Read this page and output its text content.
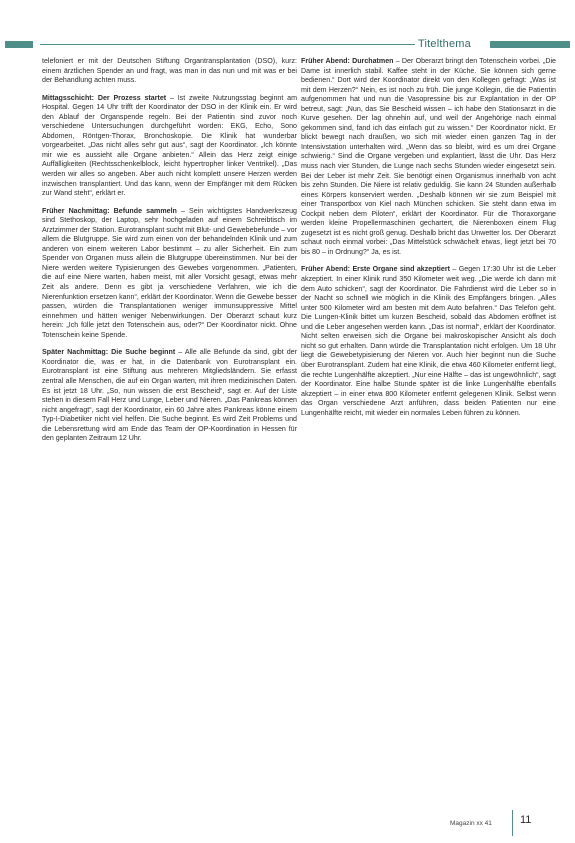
Titelthema

telefoniert er mit der Deutschen Stiftung Organtransplantation (DSO), kurz: einem ärztlichen Spender an und fragt, was man in das nun und mit was er bei der Behandlung achten muss.

Mittagsschicht: Der Prozess startet – Ist zweite Nutzungsstag beginnt am Hospital. Gegen 14 Uhr trifft der Koordinator der DSO in der Klinik ein. Er wird den Ablauf der Organspende regeln. Bei der Patientin sind zuvor noch verschiedene Untersuchungen durchgeführt worden: EKG, Echo, Sono Abdomen, Röntgen-Thorax, Bronchoskopie. Die Klinik hat wunderbar vorgearbeitet. „Das nicht alles sehr gut aus“, sagt der Koordinator. „Ich könnte mir wie es aussieht alle Organe anbieten.“ Allein das Herz zeigt einige Auffälligkeiten (Rechtsschenkelblock, leicht hypertropher linker Ventrikel). „Das werden wir alles so angeben. Aber auch nicht komplett unsere Herzen werden inzwischen transplantiert. Und das kann, wenn der Empfänger mit dem Rücken zur Wand steht“, erklärt er.

Früher Nachmittag: Befunde sammeln – Sein wichtigstes Handwerkszeug sind Stethoskop, der Laptop, sehr hochgeladen auf einem Schreibtisch im Arztzimmer der Station. Eurotransplant sucht mit Blut- und Gewebebefunde – vor allem die Blutgruppe. Sie wird zum einen von der behandelnden Klinik und zum anderen von einem weiteren Labor bestimmt – zu aller Sicherheit. Ein zum Spender von Organen muss allein die Blutgruppe übereinstimmen. Nur bei der Niere werden weitere Typisierungen des Gewebes vorgenommen. „Patienten, die auf eine Niere warten, haben meist, mit aller Vorsicht gesagt, etwas mehr Zeit als andere. Denn es gibt ja verschiedene Verfahren, wie ich die Nierenfunktion ersetzen kann“, erklärt der Koordinator. Wenn die Gewebe besser passen, würden die Transplantationen weniger immunsuppressive Mittel einnehmen und hätten weniger Nebenwirkungen. Der Oberarzt schaut kurz herein: „Ich fülle jetzt den Totenschein aus, oder?“ Der Koordinator nickt. Ohne Totenschein keine Spende.

Später Nachmittag: Die Suche beginnt – Alle alle Befunde da sind, gibt der Koordinator die, was er hat, in die Datenbank von Eurotransplant ein. Eurotransplant ist eine Stiftung aus mehreren Mitgliedsländern. Sie erfasst zentral alle Menschen, die auf ein Organ warten, mit ihren medizinischen Daten. Es ist jetzt 18 Uhr. „So, nun wissen die erst Bescheid“, sagt er. Auf der Liste stehen in diesem Fall Herz und Lunge, Leber und Nieren. „Das Pankreas können nicht angefragt“, sagt der Koordinator, ein 60 Jahre altes Pankreas könne einem Typ-I-Diabetiker nicht viel helfen. Die Suche beginnt. Es wird Zeit Problems und die Lebensrettung wird am Ende das Team der OP-Koordination in Hessen für den geplanten Zeitraum 12 Uhr.

Früher Abend: Durchatmen – Der Oberarzt bringt den Totenschein vorbei. „Die Dame ist innerlich stabil. Kaffee steht in der Küche. Sie können sich gerne bedienen.“ Dort wird der Koordinator direkt von den Kollegen gefragt: „Was ist mit dem Herzen?“ Nein, es ist noch zu früh. Die junge Kollegin, die die Patientin aufgenommen hat und nun die Vasopressine bis zur Explantation in der OP betreut, sagt: „Nun, das Sie Bescheid wissen – ich habe den Stationsarzt in die Kurve gesehen. Der lag ohnehin auf, und weil der Angehörige nach einmal gekommen sind, fand ich das einfach gut zu wissen.“ Der Koordinator nickt. Er blickt bewegt nach draußen, wo sich mit wieder einen ganzen Tag in der Intensivstation unterhalten wird. „Wenn das so bleibt, wird es um drei Organe schwierig.“ Sind die Organe vergeben und explantiert, lässt die Uhr. Das Herz muss nach vier Stunden, die Lunge nach sechs Stunden wieder eingesetzt sein. Bei der Leber ist mehr Zeit. Sie benötigt einen Organismus innerhalb von acht bis zehn Stunden. Die Niere ist relativ geduldig. Sie kann 24 Stunden außerhalb eines Körpers konserviert werden. „Deshalb können wir sie zum Beispiel mit einer Transportbox von Kiel nach München schicken. Sie steht dann etwa im Cockpit neben dem Piloten“, erklärt der Koordinator. Für die Thoraxorgane werden kleine Propellermaschinen gechartert, die Nierenboxen einem Flug zugesetzt ist es nicht groß genug. Deshalb bricht das Unwetter los. Der Oberarzt schaut noch einmal vorbei: „Das Mittelstück schwächelt etwas, liegt jetzt bei 70 bis 80 – in Ordnung?“ Ja, es ist.

Früher Abend: Erste Organe sind akzeptiert – Gegen 17:30 Uhr ist die Leber akzeptiert. In einer Klinik rund 350 Kilometer weit weg. „Die werde ich dann mit dem Auto schicken“, sagt der Koordinator. Die Fahrdienst wird die Leber so in der Nacht so schnell wie möglich in die Klinik des Empfängers bringen. „Alles unter 500 Kilometer wird am besten mit dem Auto befahren.“ Das Telefon geht. Die Lungen-Klinik bittet um kurzen Bescheid, sobald das Abdomen eröffnet ist und die Leber angesehen werden kann. „Das ist normal“, erklärt der Koordinator. Nicht selten erweisen sich die Organe bei makroskopischer Ansicht als doch nicht so gut erhalten. Dann würde die Transplantation nicht erfolgen. Um 18 Uhr liegt die Gewebetypisierung der Nieren vor. Auch hier beginnt nun die Suche über Eurotransplant. Zudem hat eine Klinik, die etwa 460 Kilometer entfernt liegt, die rechte Lungenhälfte akzeptiert. „Nur eine Hälfte – das ist ungewöhnlich“, sagt der Koordinator. Eine halbe Stunde später ist die linke Lungenhälfte ebenfalls akzeptiert – in einer etwa 800 Kilometer entfernt gelegenen Klinik. Selbst wenn das Organ verschiedene Arzt anführen, dass beiden Patienten nur eine Lungenhälfte reicht, mit wieder ein normales Leben führen zu können.

Magazin xx 41	11
